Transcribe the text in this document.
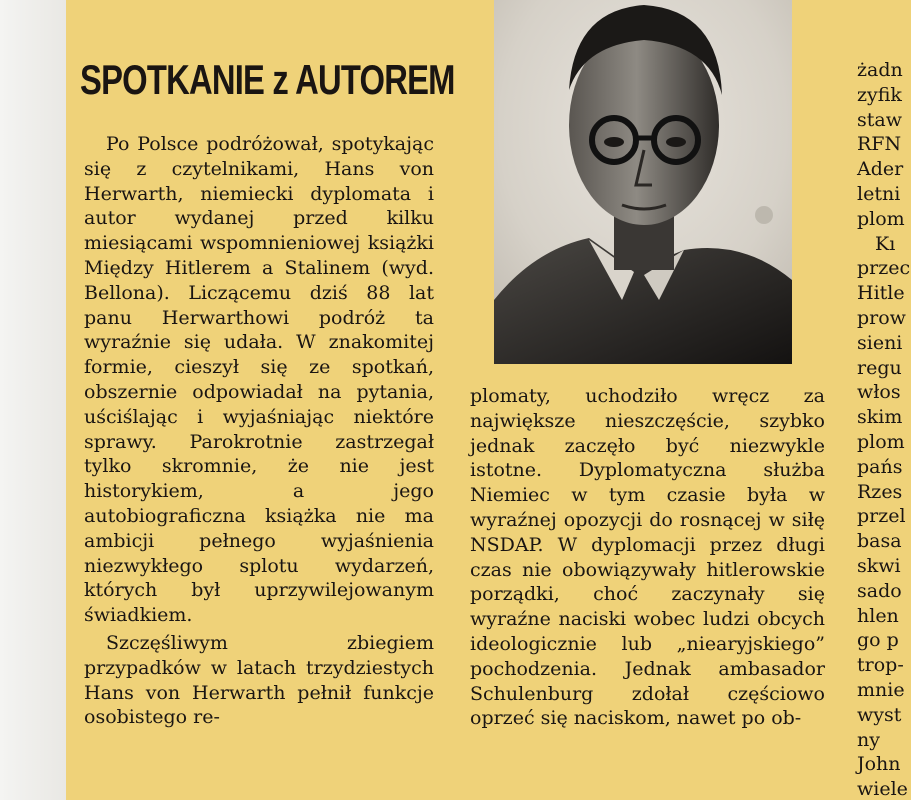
SPOTKANIE z AUTOREM

Po Polsce podróżował, spotykając się z czytelnikami, Hans von Herwarth, niemiecki dyplomata i autor wydanej przed kilku miesiącami wspomnieniowej książki Między Hitlerem a Stalinem (wyd. Bellona). Liczącemu dziś 88 lat panu Herwarthowi podróż ta wyraźnie się udała. W znakomitej formie, cieszył się ze spotkań, obszernie odpowiadał na pytania, uściślając i wyjaśniając niektóre sprawy. Parokrotnie zastrzegał tylko skromnie, że nie jest historykiem, a jego autobiograficzna książka nie ma ambicji pełnego wyjaśnienia niezwykłego splotu wydarzeń, których był uprzywilejowanym świadkiem.

Szczęśliwym zbiegiem przypadków w latach trzydziestych Hans von Herwarth pełnił funkcje osobistego re-

plomaty, uchodziło wręcz za największe nieszczęście, szybko jednak zaczęło być niezwykle istotne. Dyplomatyczna służba Niemiec w tym czasie była w wyraźnej opozycji do rosnącej w siłę NSDAP. W dyplomacji przez długi czas nie obowiązywały hitlerowskie porządki, choć zaczynały się wyraźne naciski wobec ludzi obcych ideologicznie lub „niearyjskiego” pochodzenia. Jednak ambasador Schulenburg zdołał częściowo oprzeć się naciskom, nawet po ob-

żadn
zyfik
staw
RFN
Ader
letni
plom
Kı
przec
Hitle
prow
sieni
regu
włos
skim
plom
pańs
Rzes
przel
basa
skwi
sado
hlen
go p
trop-
mnie
wyst
ny
John
wiele
